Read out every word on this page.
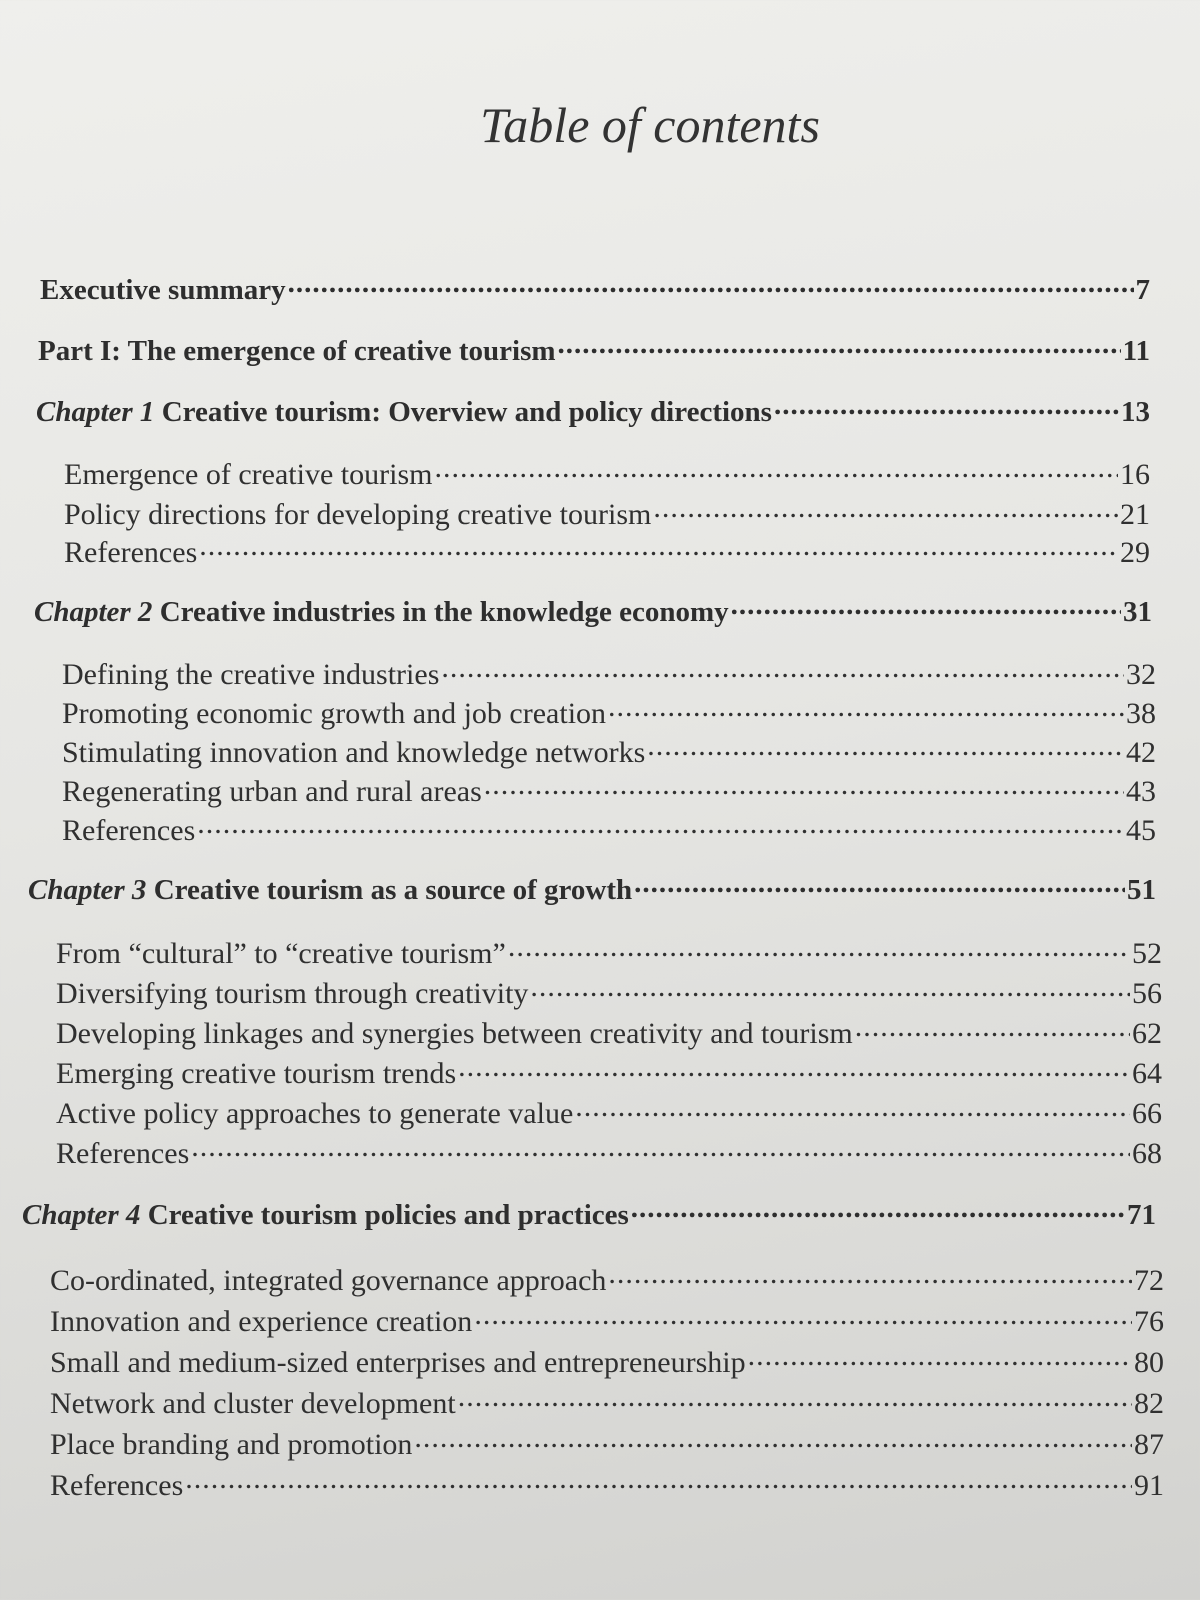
Table of contents
Executive summary .....	7
Part I: The emergence of creative tourism .....	11
Chapter 1 Creative tourism: Overview and policy directions .....	13
Emergence of creative tourism .....	16
Policy directions for developing creative tourism .....	21
References .....	29
Chapter 2 Creative industries in the knowledge economy .....	31
Defining the creative industries .....	32
Promoting economic growth and job creation .....	38
Stimulating innovation and knowledge networks .....	42
Regenerating urban and rural areas .....	43
References .....	45
Chapter 3 Creative tourism as a source of growth .....	51
From “cultural” to “creative tourism” .....	52
Diversifying tourism through creativity .....	56
Developing linkages and synergies between creativity and tourism .....	62
Emerging creative tourism trends .....	64
Active policy approaches to generate value .....	66
References .....	68
Chapter 4 Creative tourism policies and practices .....	71
Co-ordinated, integrated governance approach .....	72
Innovation and experience creation .....	76
Small and medium-sized enterprises and entrepreneurship .....	80
Network and cluster development .....	82
Place branding and promotion .....	87
References .....	91
